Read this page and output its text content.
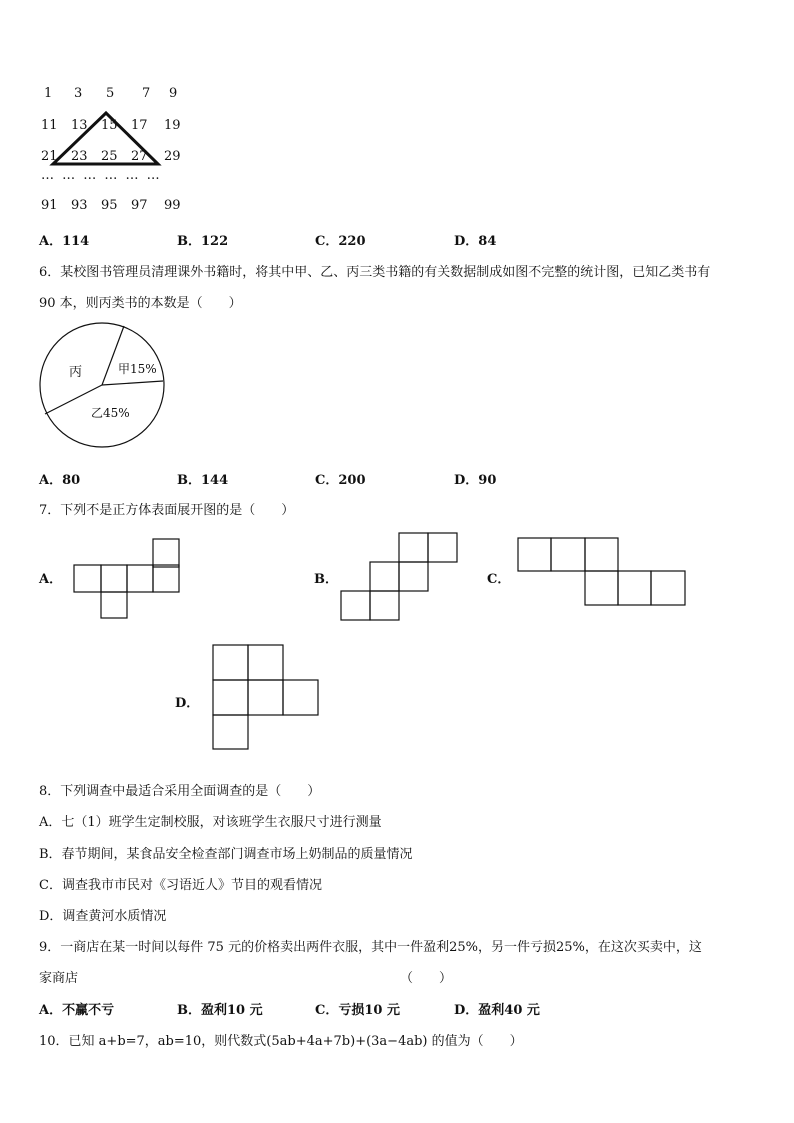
1 3 5 7 9
11 13 15 17 19
21 23 25 27 29
… … … … … …
91 93 95 97 99
A．114	B．122	C．220	D．84
6．某校图书管理员清理课外书籍时，将其中甲、乙、丙三类书籍的有关数据制成如图不完整的统计图，已知乙类书有
90 本，则丙类书的本数是（　　）
丙	甲15%
乙45%
A．80	B．144	C．200	D．90
7．下列不是正方体表面展开图的是（　　）
A．	B．	C．
D．
8．下列调查中最适合采用全面调查的是（　　）
A．七（1）班学生定制校服，对该班学生衣服尺寸进行测量
B．春节期间，某食品安全检查部门调查市场上奶制品的质量情况
C．调查我市市民对《习语近人》节目的观看情况
D．调查黄河水质情况
9．一商店在某一时间以每件 75 元的价格卖出两件衣服，其中一件盈利25%，另一件亏损25%，在这次买卖中，这
家商店	（　　）
A．不赢不亏	B．盈利10 元	C．亏损10 元	D．盈利40 元
10．已知 a+b=7，ab=10，则代数式(5ab+4a+7b)+(3a−4ab) 的值为（　　）
